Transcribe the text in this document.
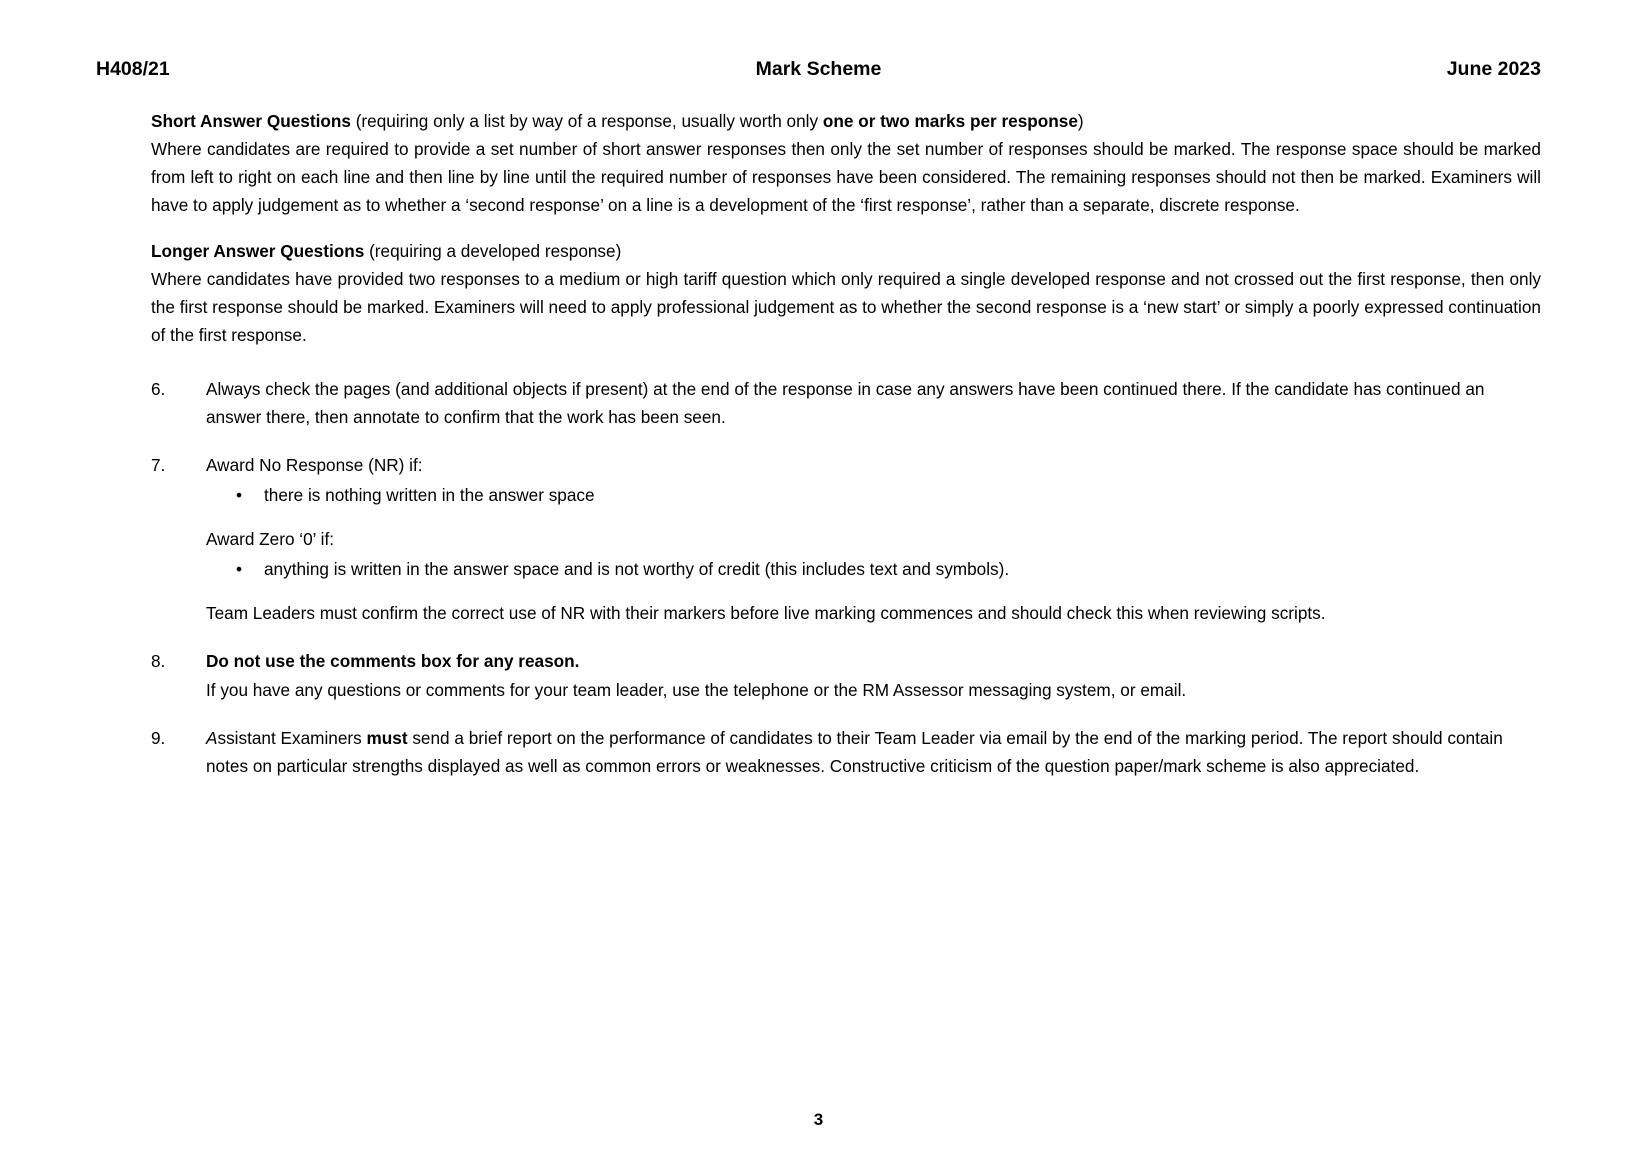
H408/21	Mark Scheme	June 2023

Short Answer Questions (requiring only a list by way of a response, usually worth only one or two marks per response)

Where candidates are required to provide a set number of short answer responses then only the set number of responses should be marked. The response space should be marked from left to right on each line and then line by line until the required number of responses have been considered. The remaining responses should not then be marked. Examiners will have to apply judgement as to whether a ‘second response’ on a line is a development of the ‘first response’, rather than a separate, discrete response.

Longer Answer Questions (requiring a developed response)

Where candidates have provided two responses to a medium or high tariff question which only required a single developed response and not crossed out the first response, then only the first response should be marked. Examiners will need to apply professional judgement as to whether the second response is a ‘new start’ or simply a poorly expressed continuation of the first response.

6.	Always check the pages (and additional objects if present) at the end of the response in case any answers have been continued there. If the candidate has continued an answer there, then annotate to confirm that the work has been seen.

7.	Award No Response (NR) if:

• there is nothing written in the answer space

Award Zero ‘0’ if:

• anything is written in the answer space and is not worthy of credit (this includes text and symbols).

Team Leaders must confirm the correct use of NR with their markers before live marking commences and should check this when reviewing scripts.

8.	Do not use the comments box for any reason.

If you have any questions or comments for your team leader, use the telephone or the RM Assessor messaging system, or email.

9.	Assistant Examiners must send a brief report on the performance of candidates to their Team Leader via email by the end of the marking period. The report should contain notes on particular strengths displayed as well as common errors or weaknesses. Constructive criticism of the question paper/mark scheme is also appreciated.

3
